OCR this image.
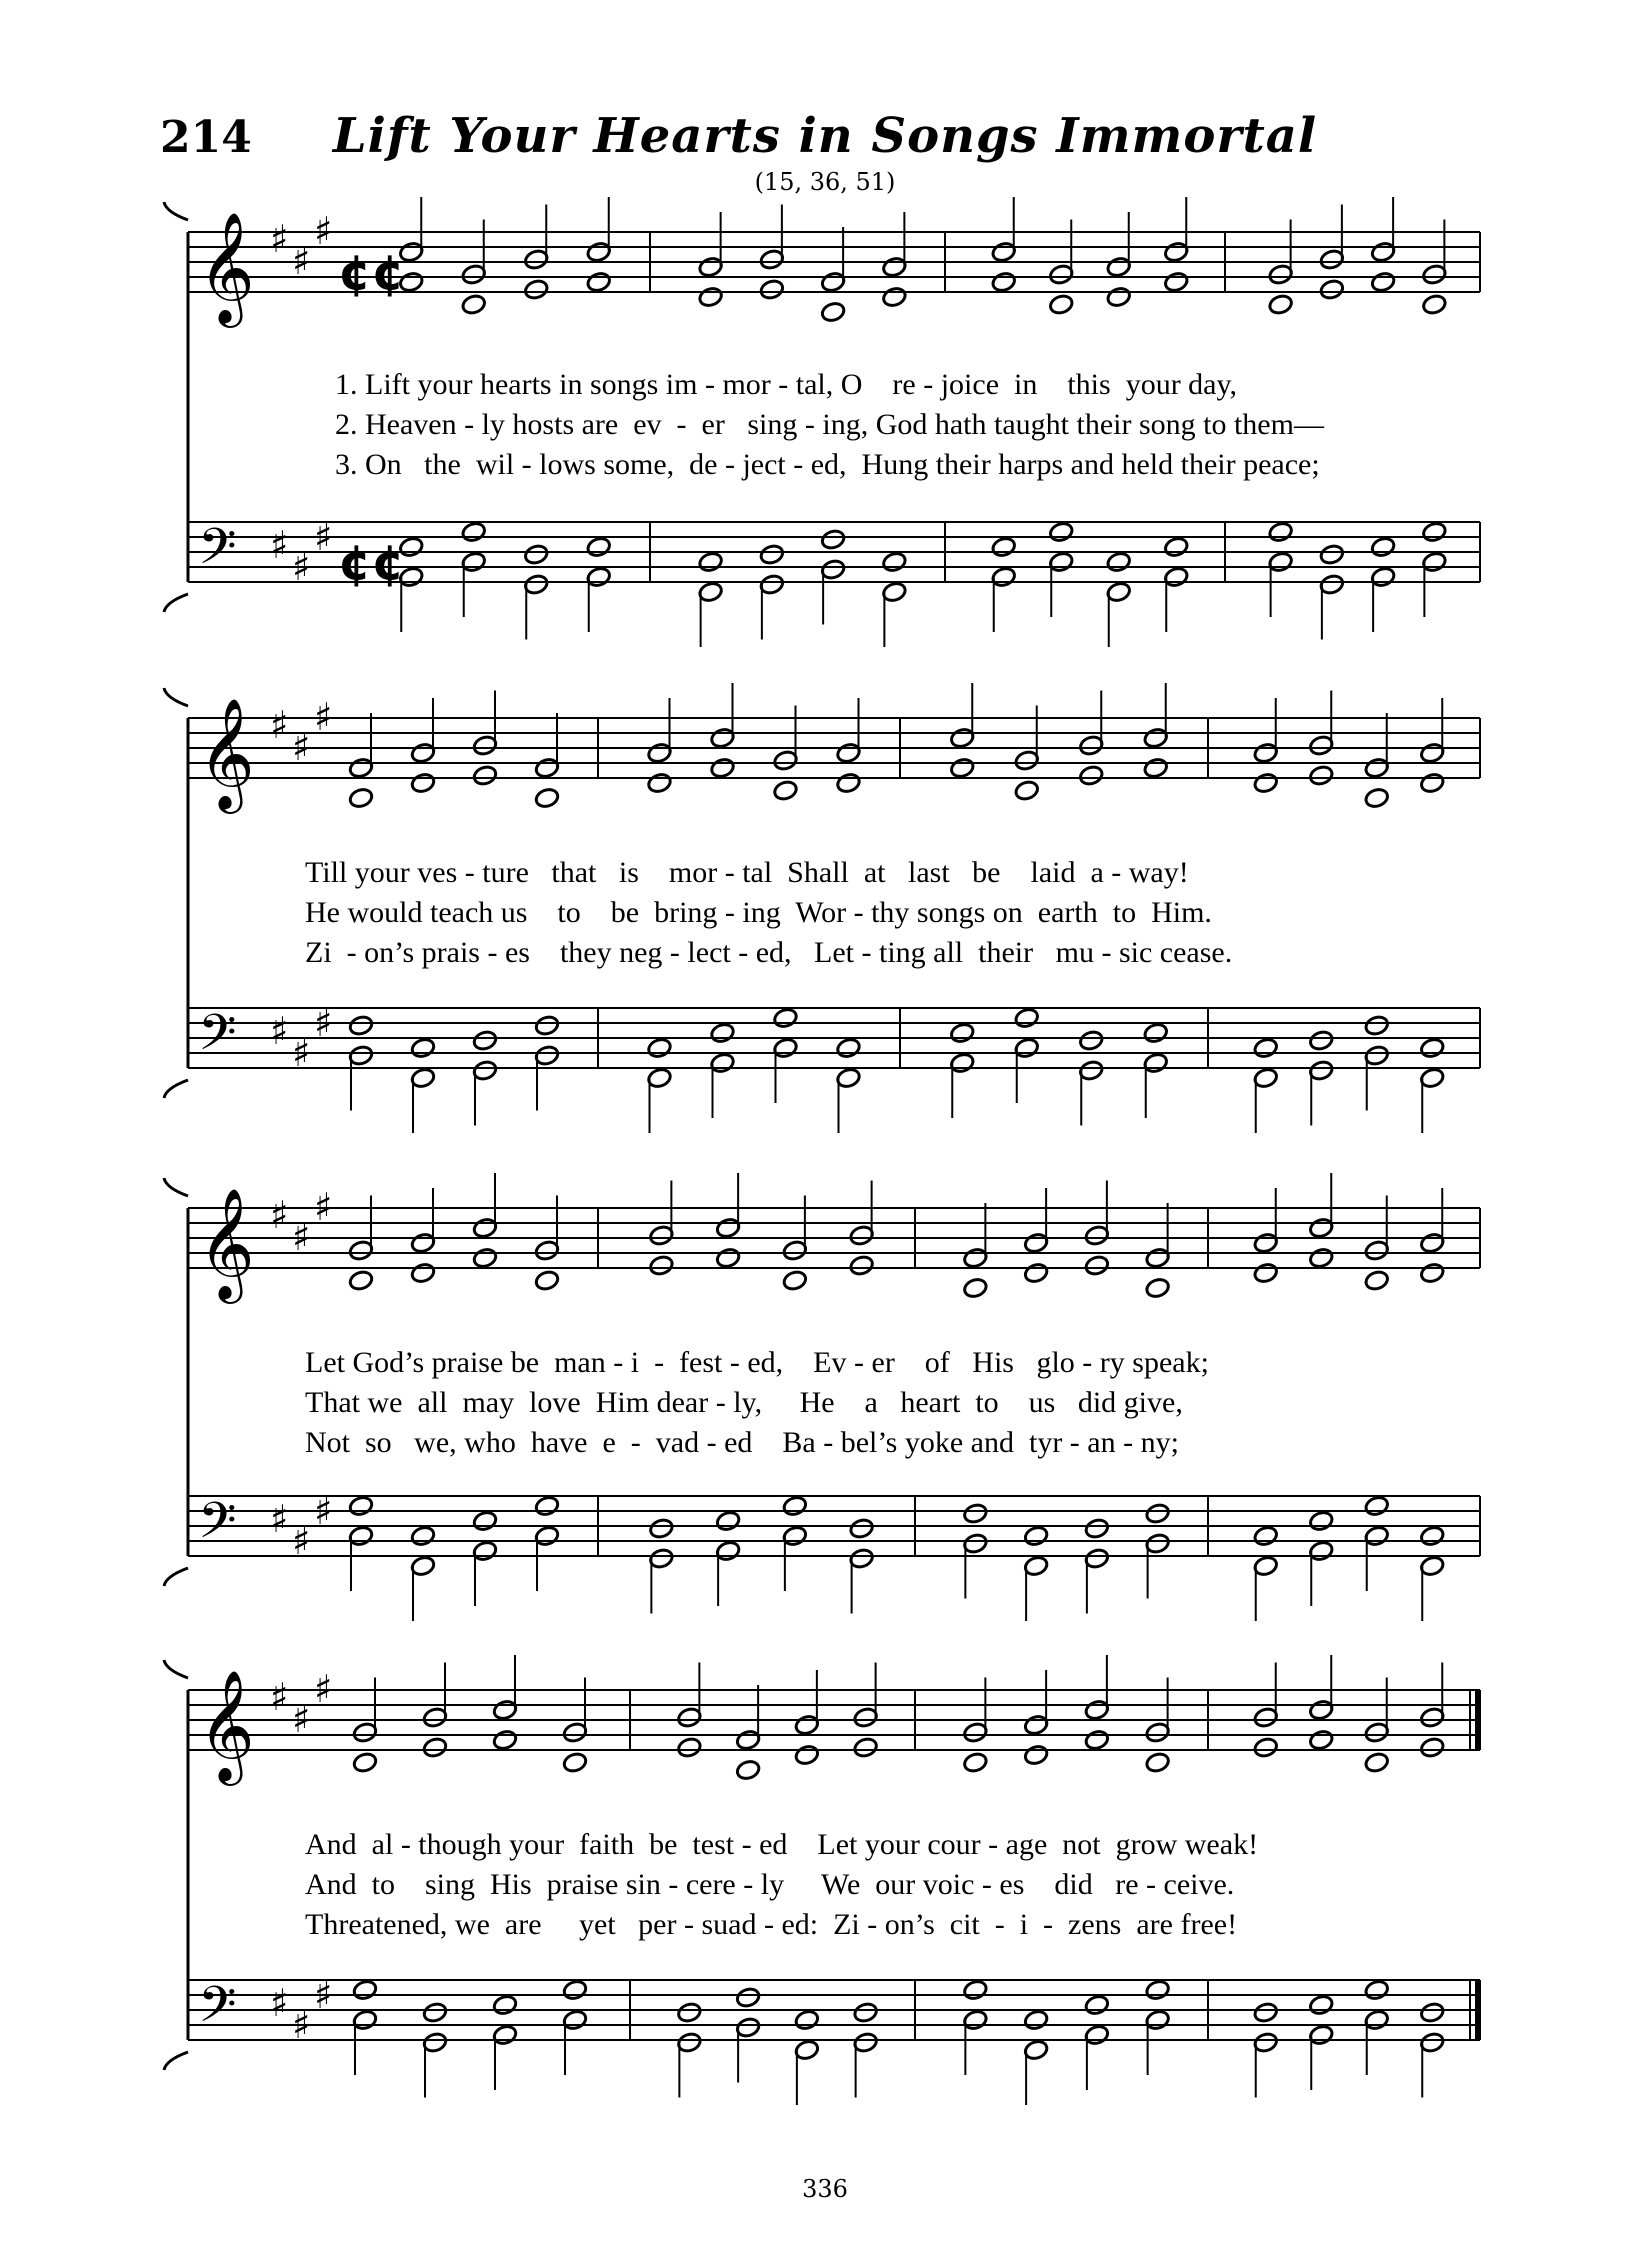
214	Lift Your Hearts in Songs Immortal
(15, 36, 51)
𝄞
𝄢
♯ ♯
♯
♯ ♯
♯
¢¢
¢¢
𝄞
𝄢
♯ ♯
♯
♯ ♯
♯
𝄞
𝄢
♯ ♯
♯
♯ ♯
♯
𝄞
𝄢
♯ ♯
♯
♯ ♯
♯
1. Lift your hearts in songs im - mor - tal, O    re - joice  in    this  your day,
2. Heaven - ly hosts are  ev  -  er   sing - ing, God hath taught their song to them—
3. On   the  wil - lows some,  de - ject - ed,  Hung their harps and held their peace;
Till your ves - ture   that   is    mor - tal  Shall  at   last   be    laid  a - way!
He would teach us    to    be  bring - ing  Wor - thy songs on  earth  to  Him.
Zi  - on’s prais - es    they neg - lect - ed,   Let - ting all  their   mu - sic cease.
Let God’s praise be  man - i  -  fest - ed,    Ev - er    of   His   glo - ry speak;
That we  all  may  love  Him dear - ly,     He    a   heart  to    us   did give,
Not  so   we, who  have  e  -  vad - ed    Ba - bel’s yoke and  tyr - an - ny;
And  al - though your  faith  be  test - ed    Let your cour - age  not  grow weak!
And  to    sing  His  praise sin - cere - ly     We  our voic - es    did   re - ceive.
Threatened, we  are     yet   per - suad - ed:  Zi - on’s  cit  -  i  -  zens  are free!
336
